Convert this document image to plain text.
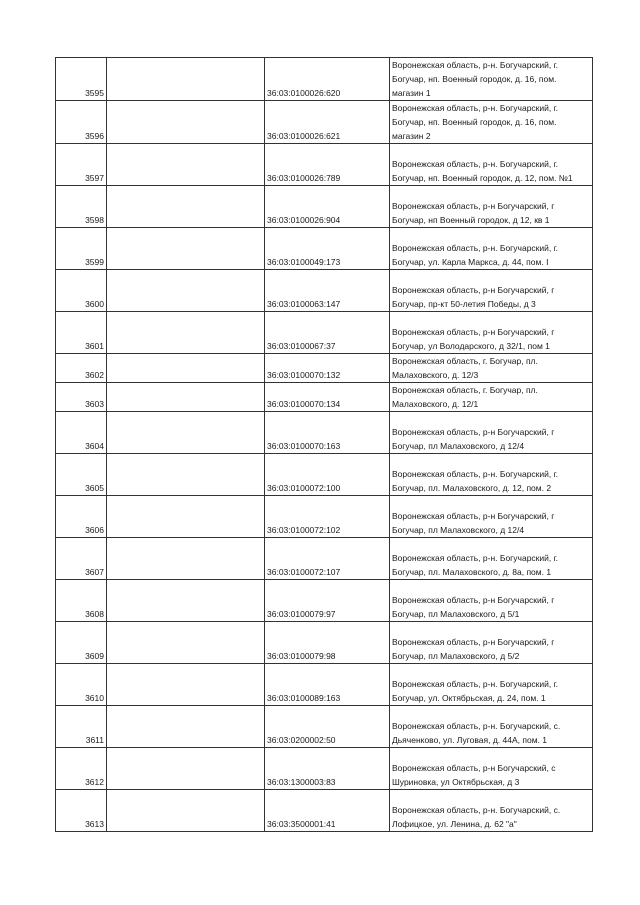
3595		36:03:0100026:620	Воронежская область, р-н. Богучарский, г. Богучар, нп. Военный городок, д. 16, пом. магазин 1
3596		36:03:0100026:621	Воронежская область, р-н. Богучарский, г. Богучар, нп. Военный городок, д. 16, пом. магазин 2
3597		36:03:0100026:789	Воронежская область, р-н. Богучарский, г. Богучар, нп. Военный городок, д. 12, пом. №1
3598		36:03:0100026:904	Воронежская область, р-н Богучарский, г Богучар, нп Военный городок, д 12, кв 1
3599		36:03:0100049:173	Воронежская область, р-н. Богучарский, г. Богучар, ул. Карла Маркса, д. 44, пом. I
3600		36:03:0100063:147	Воронежская область, р-н Богучарский, г Богучар, пр-кт 50-летия Победы, д 3
3601		36:03:0100067:37	Воронежская область, р-н Богучарский, г Богучар, ул Володарского, д 32/1, пом 1
3602		36:03:0100070:132	Воронежская область, г. Богучар, пл. Малаховского, д. 12/3
3603		36:03:0100070:134	Воронежская область, г. Богучар, пл. Малаховского, д. 12/1
3604		36:03:0100070:163	Воронежская область, р-н Богучарский, г Богучар, пл Малаховского, д 12/4
3605		36:03:0100072:100	Воронежская область, р-н. Богучарский, г. Богучар, пл. Малаховского, д. 12, пом. 2
3606		36:03:0100072:102	Воронежская область, р-н Богучарский, г Богучар, пл Малаховского, д 12/4
3607		36:03:0100072:107	Воронежская область, р-н. Богучарский, г. Богучар, пл. Малаховского, д. 8а, пом. 1
3608		36:03:0100079:97	Воронежская область, р-н Богучарский, г Богучар, пл Малаховского, д 5/1
3609		36:03:0100079:98	Воронежская область, р-н Богучарский, г Богучар, пл Малаховского, д 5/2
3610		36:03:0100089:163	Воронежская область, р-н. Богучарский, г. Богучар, ул. Октябрьская, д. 24, пом. 1
3611		36:03:0200002:50	Воронежская область, р-н. Богучарский, с. Дьяченково, ул. Луговая, д. 44А, пом. 1
3612		36:03:1300003:83	Воронежская область, р-н Богучарский, с Шуриновка, ул Октябрьская, д 3
3613		36:03:3500001:41	Воронежская область, р-н. Богучарский, с. Лофицкое, ул. Ленина, д. 62 "а"
